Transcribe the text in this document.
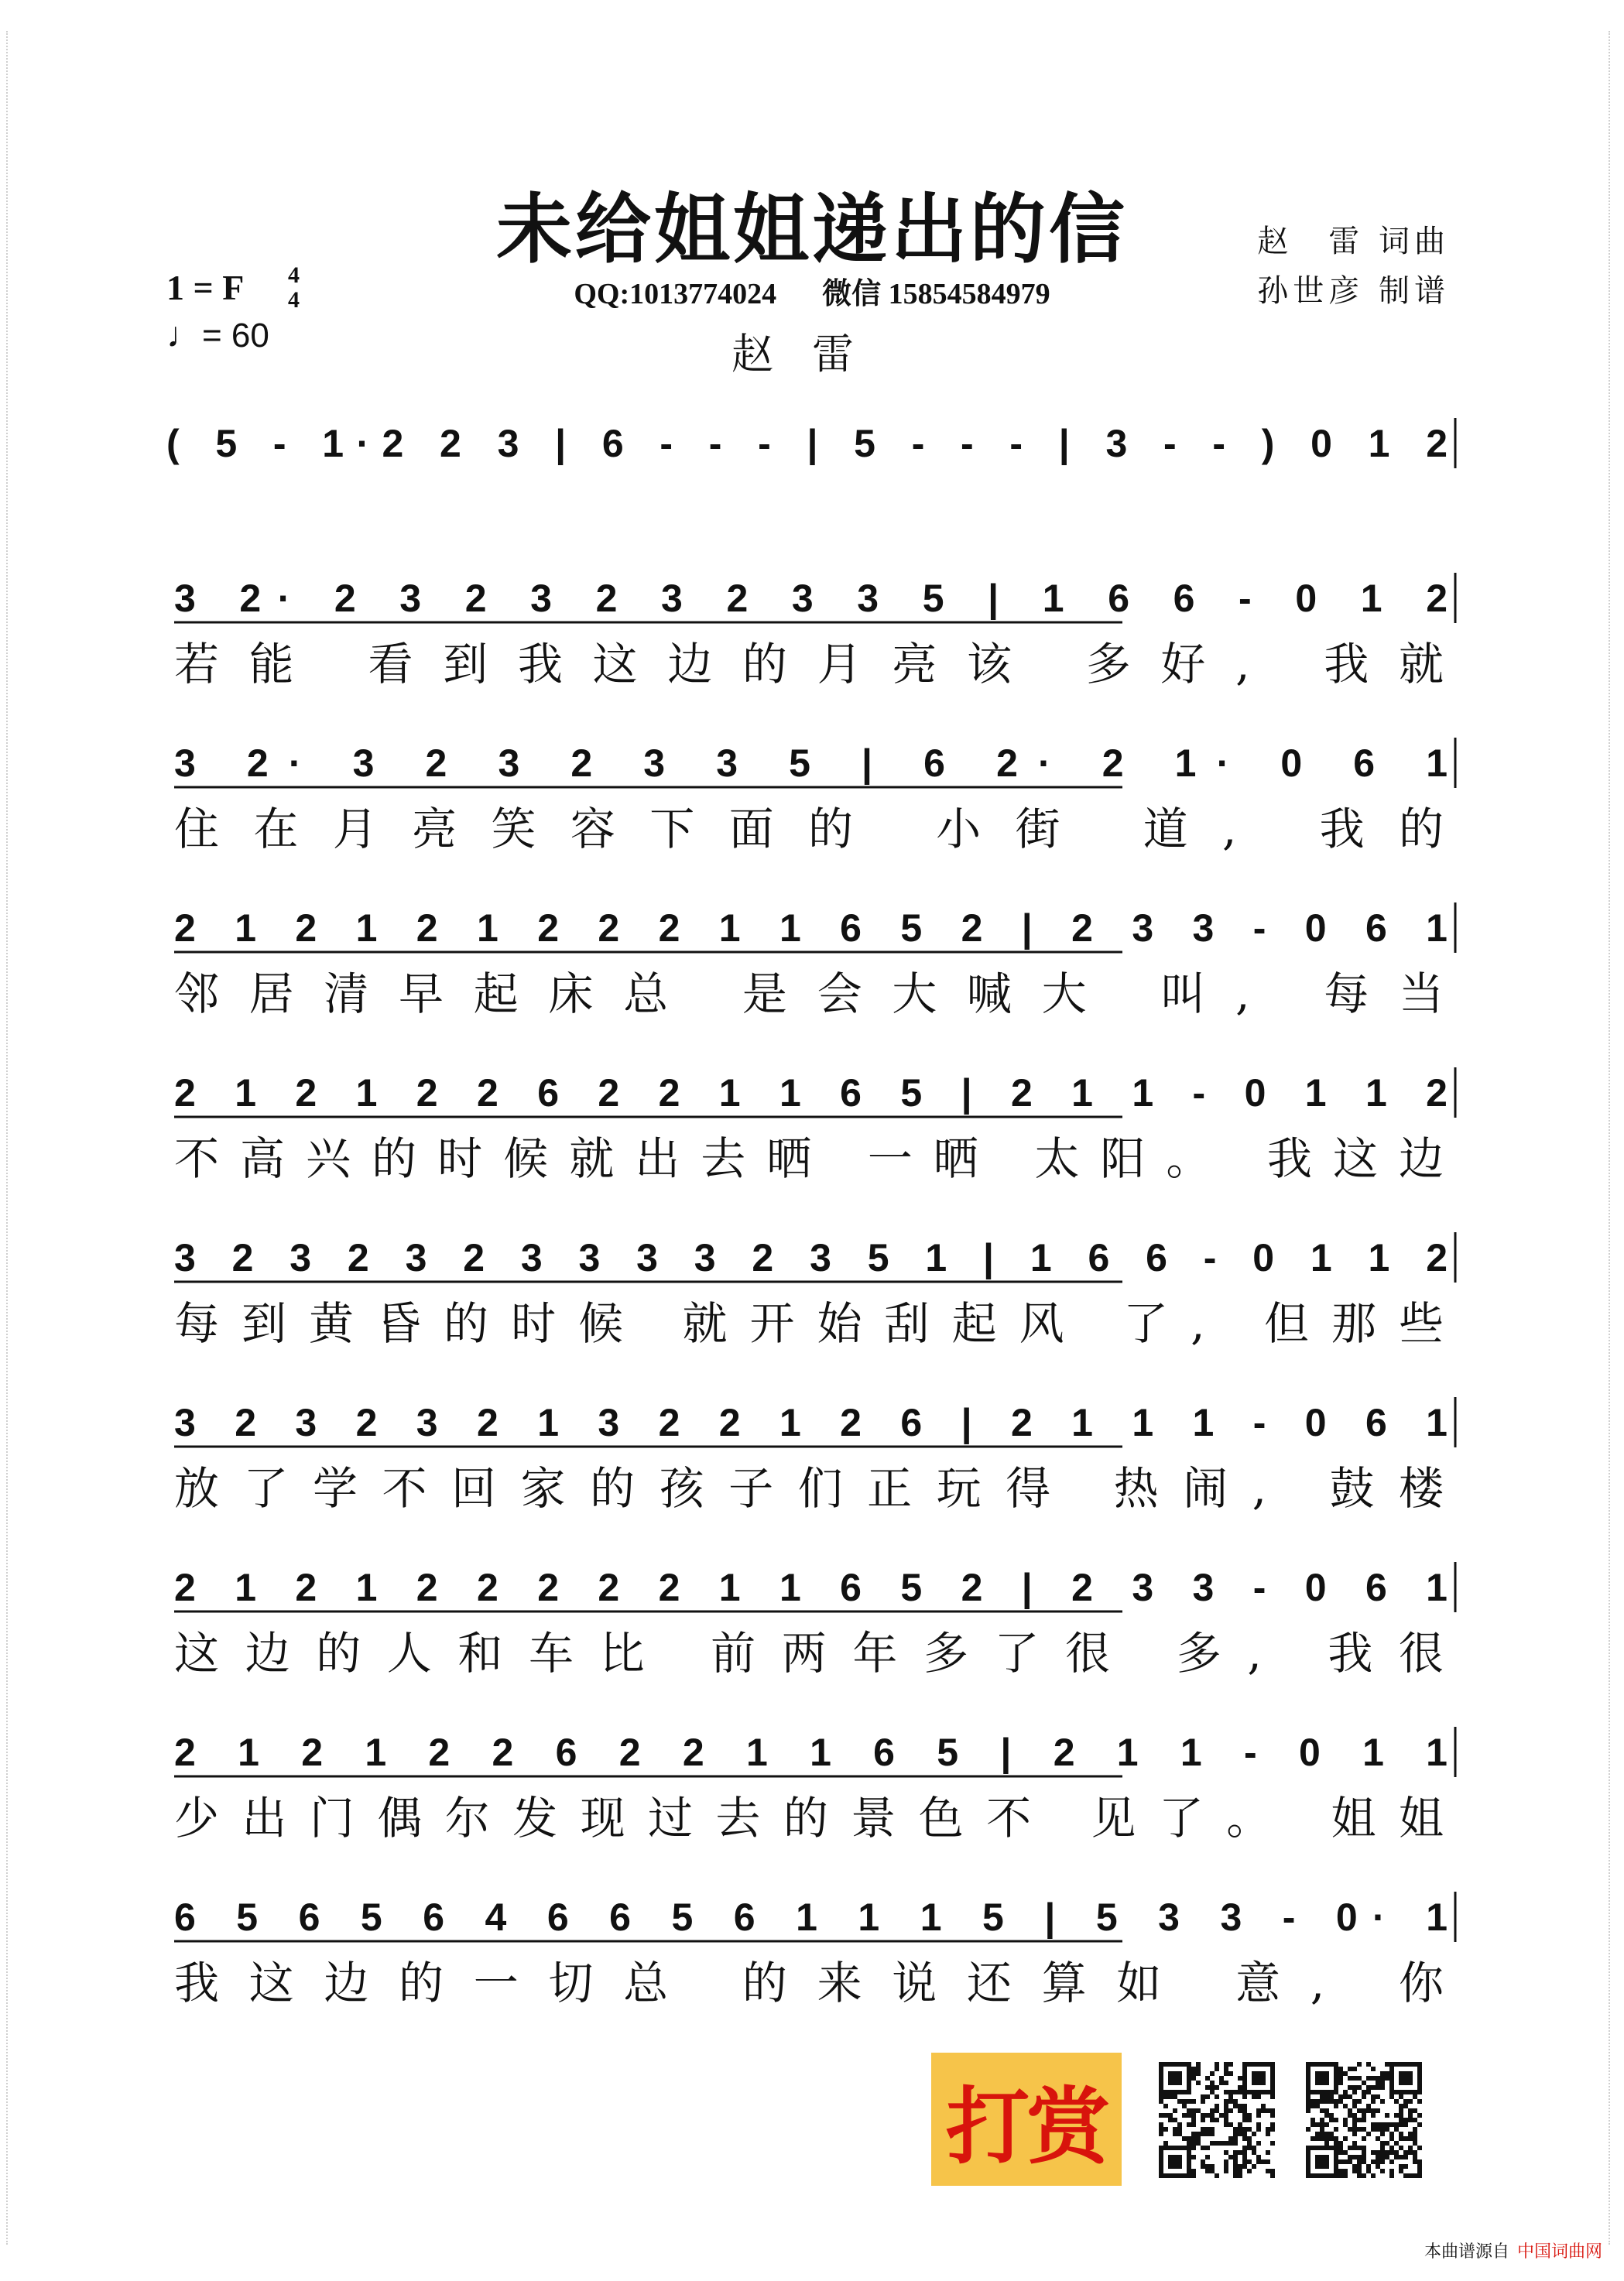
未给姐姐递出的信	赵　雷 词曲
孙世彦 制谱
QQ:1013774024 微信 15854584979
赵雷
1 = F 4
4
♩= 60
( 5 - 1·2 2 3 | 6 - - - | 5 - - - | 3 - - ) 0 1 2
3 2· 2 3 2 3 2 3 2 3 3 5 | 1 6 6 - 0 1 2
若能 看到我这边的月亮该 多好, 我就
3 2· 3 2 3 2 3 3 5 | 6 2· 2 1· 0 6 1
住在月亮笑容下面的 小街 道, 我的
2 1 2 1 2 1 2 2 2 1 1 6 5 2 | 2 3 3 - 0 6 1
邻居清早起床总 是会大喊大 叫, 每当
2 1 2 1 2 2 6 2 2 1 1 6 5 | 2 1 1 - 0 1 1 2
不高兴的时候就出去晒 一晒 太阳。 我这边
3 2 3 2 3 2 3 3 3 3 2 3 5 1 | 1 6 6 - 0 1 1 2
每到黄昏的时候 就开始刮起风 了, 但那些
3 2 3 2 3 2 1 3 2 2 1 2 6 | 2 1 1 1 - 0 6 1
放了学不回家的孩子们正玩得 热闹, 鼓楼
2 1 2 1 2 2 2 2 2 1 1 6 5 2 | 2 3 3 - 0 6 1
这边的人和车比 前两年多了很 多, 我很
2 1 2 1 2 2 6 2 2 1 1 6 5 | 2 1 1 - 0 1 1
少出门偶尔发现过去的景色不 见了。 姐姐
6 5 6 5 6 4 6 6 5 6 1 1 1 5 | 5 3 3 - 0· 1
我这边的一切总 的来说还算如 意, 你
打赏
本曲谱源自 中国词曲网
